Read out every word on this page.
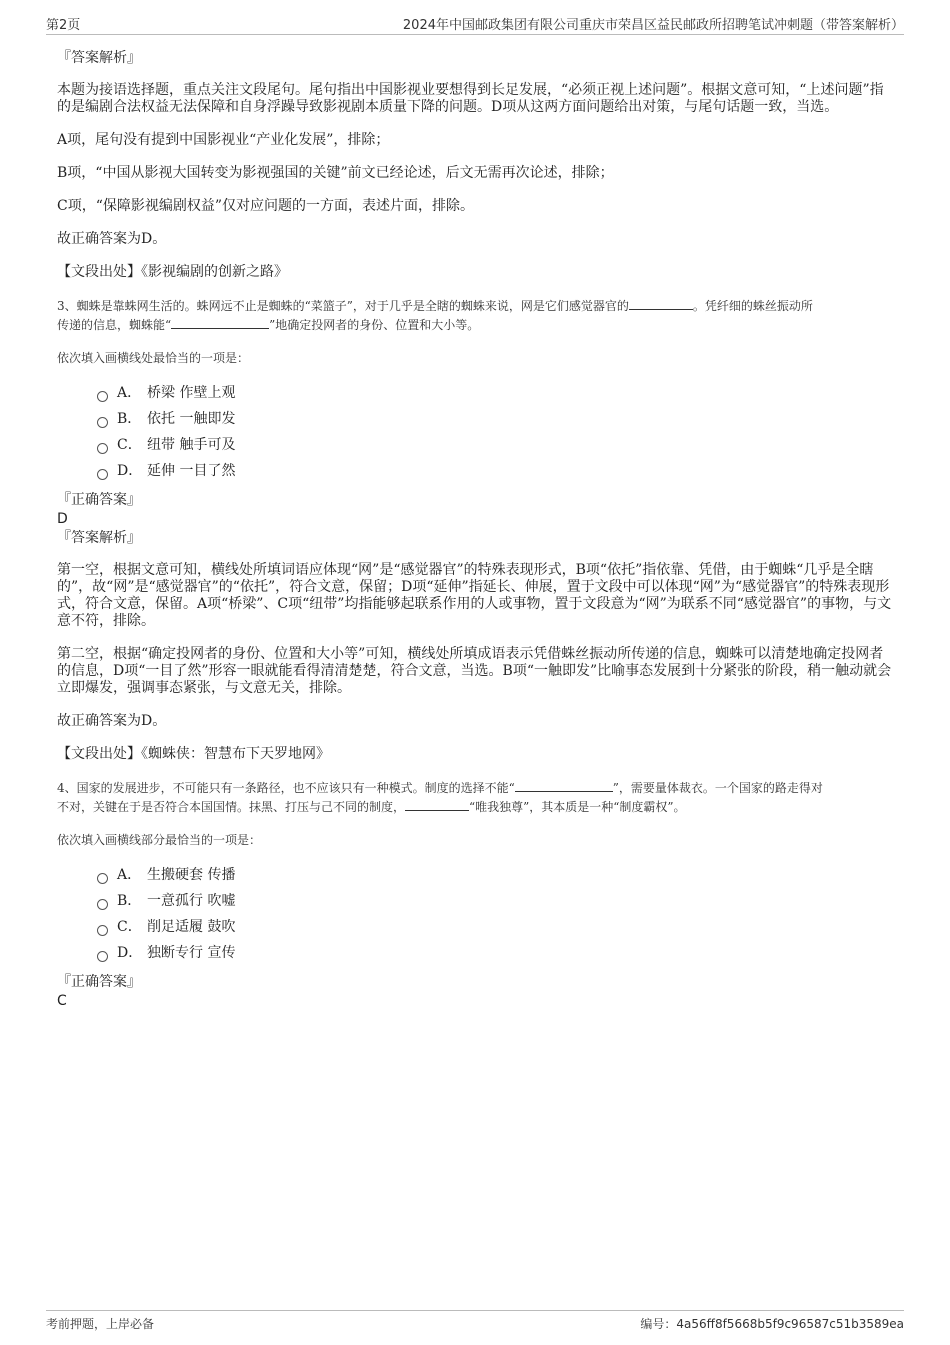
第2页	2024年中国邮政集团有限公司重庆市荣昌区益民邮政所招聘笔试冲刺题（带答案解析）

『答案解析』

本题为接语选择题，重点关注文段尾句。尾句指出中国影视业要想得到长足发展，“必须正视上述问题”。根据文意可知，“上述问题”指的是编剧合法权益无法保障和自身浮躁导致影视剧本质量下降的问题。D项从这两方面问题给出对策，与尾句话题一致，当选。

A项，尾句没有提到中国影视业“产业化发展”，排除；

B项，“中国从影视大国转变为影视强国的关键”前文已经论述，后文无需再次论述，排除；

C项，“保障影视编剧权益”仅对应问题的一方面，表述片面，排除。

故正确答案为D。

【文段出处】《影视编剧的创新之路》

3、蜘蛛是靠蛛网生活的。蛛网远不止是蜘蛛的“菜篮子”，对于几乎是全瞎的蜘蛛来说，网是它们感觉器官的	。凭纤细的蛛丝振动所
传递的信息，蜘蛛能“	”地确定投网者的身份、位置和大小等。

依次填入画横线处最恰当的一项是：

A． 桥梁 作壁上观
B． 依托 一触即发
C． 纽带 触手可及
D． 延伸 一目了然

『正确答案』

D

『答案解析』

第一空，根据文意可知，横线处所填词语应体现“网”是“感觉器官”的特殊表现形式，B项“依托”指依靠、凭借，由于蜘蛛“几乎是全瞎的”，故“网”是“感觉器官”的“依托”，符合文意，保留；D项“延伸”指延长、伸展，置于文段中可以体现“网”为“感觉器官”的特殊表现形式，符合文意，保留。A项“桥梁”、C项“纽带”均指能够起联系作用的人或事物，置于文段意为“网”为联系不同“感觉器官”的事物，与文意不符，排除。

第二空，根据“确定投网者的身份、位置和大小等”可知，横线处所填成语表示凭借蛛丝振动所传递的信息，蜘蛛可以清楚地确定投网者的信息，D项“一目了然”形容一眼就能看得清清楚楚，符合文意，当选。B项“一触即发”比喻事态发展到十分紧张的阶段，稍一触动就会立即爆发，强调事态紧张，与文意无关，排除。

故正确答案为D。

【文段出处】《蜘蛛侠：智慧布下天罗地网》

4、国家的发展进步，不可能只有一条路径，也不应该只有一种模式。制度的选择不能“	”，需要量体裁衣。一个国家的路走得对
不对，关键在于是否符合本国国情。抹黑、打压与己不同的制度，	“唯我独尊”，其本质是一种“制度霸权”。

依次填入画横线部分最恰当的一项是：

A． 生搬硬套 传播
B． 一意孤行 吹嘘
C． 削足适履 鼓吹
D． 独断专行 宣传

『正确答案』

C

考前押题，上岸必备	编号：4a56ff8f5668b5f9c96587c51b3589ea
